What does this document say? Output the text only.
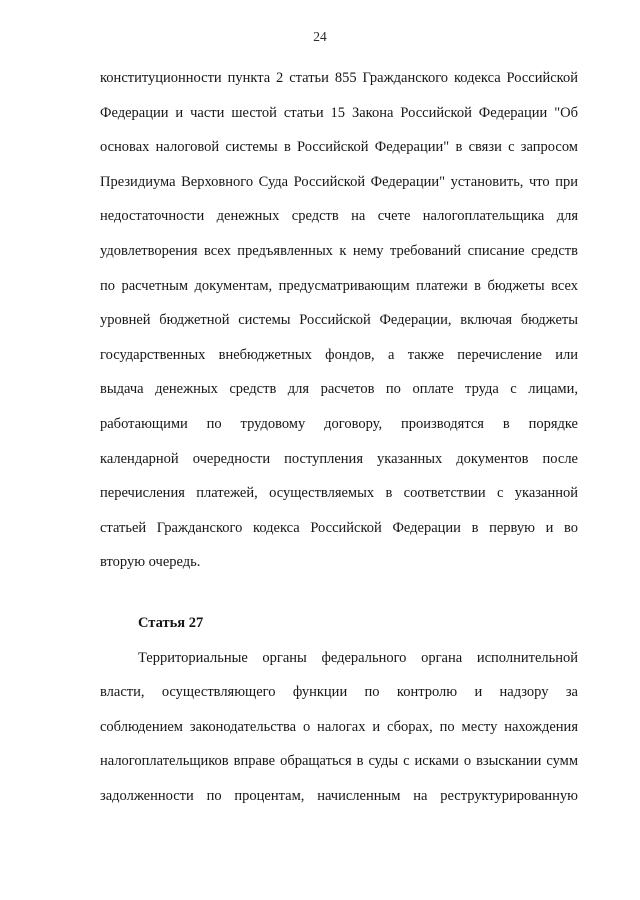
24
конституционности пункта 2 статьи 855 Гражданского кодекса Российской
Федерации и части шестой статьи 15 Закона Российской Федерации "Об
основах налоговой системы в Российской Федерации" в связи с запросом
Президиума Верховного Суда Российской Федерации" установить, что при
недостаточности денежных средств на счете налогоплательщика для
удовлетворения всех предъявленных к нему требований списание средств
по расчетным документам, предусматривающим платежи в бюджеты всех
уровней бюджетной системы Российской Федерации, включая бюджеты
государственных внебюджетных фондов, а также перечисление или
выдача денежных средств для расчетов по оплате труда с лицами,
работающими по трудовому договору, производятся в порядке
календарной очередности поступления указанных документов после
перечисления платежей, осуществляемых в соответствии с указанной
статьей Гражданского кодекса Российской Федерации в первую и во
вторую очередь.
Статья 27
Территориальные органы федерального органа исполнительной
власти, осуществляющего функции по контролю и надзору за
соблюдением законодательства о налогах и сборах, по месту нахождения
налогоплательщиков вправе обращаться в суды с исками о взыскании сумм
задолженности по процентам, начисленным на реструктурированную
